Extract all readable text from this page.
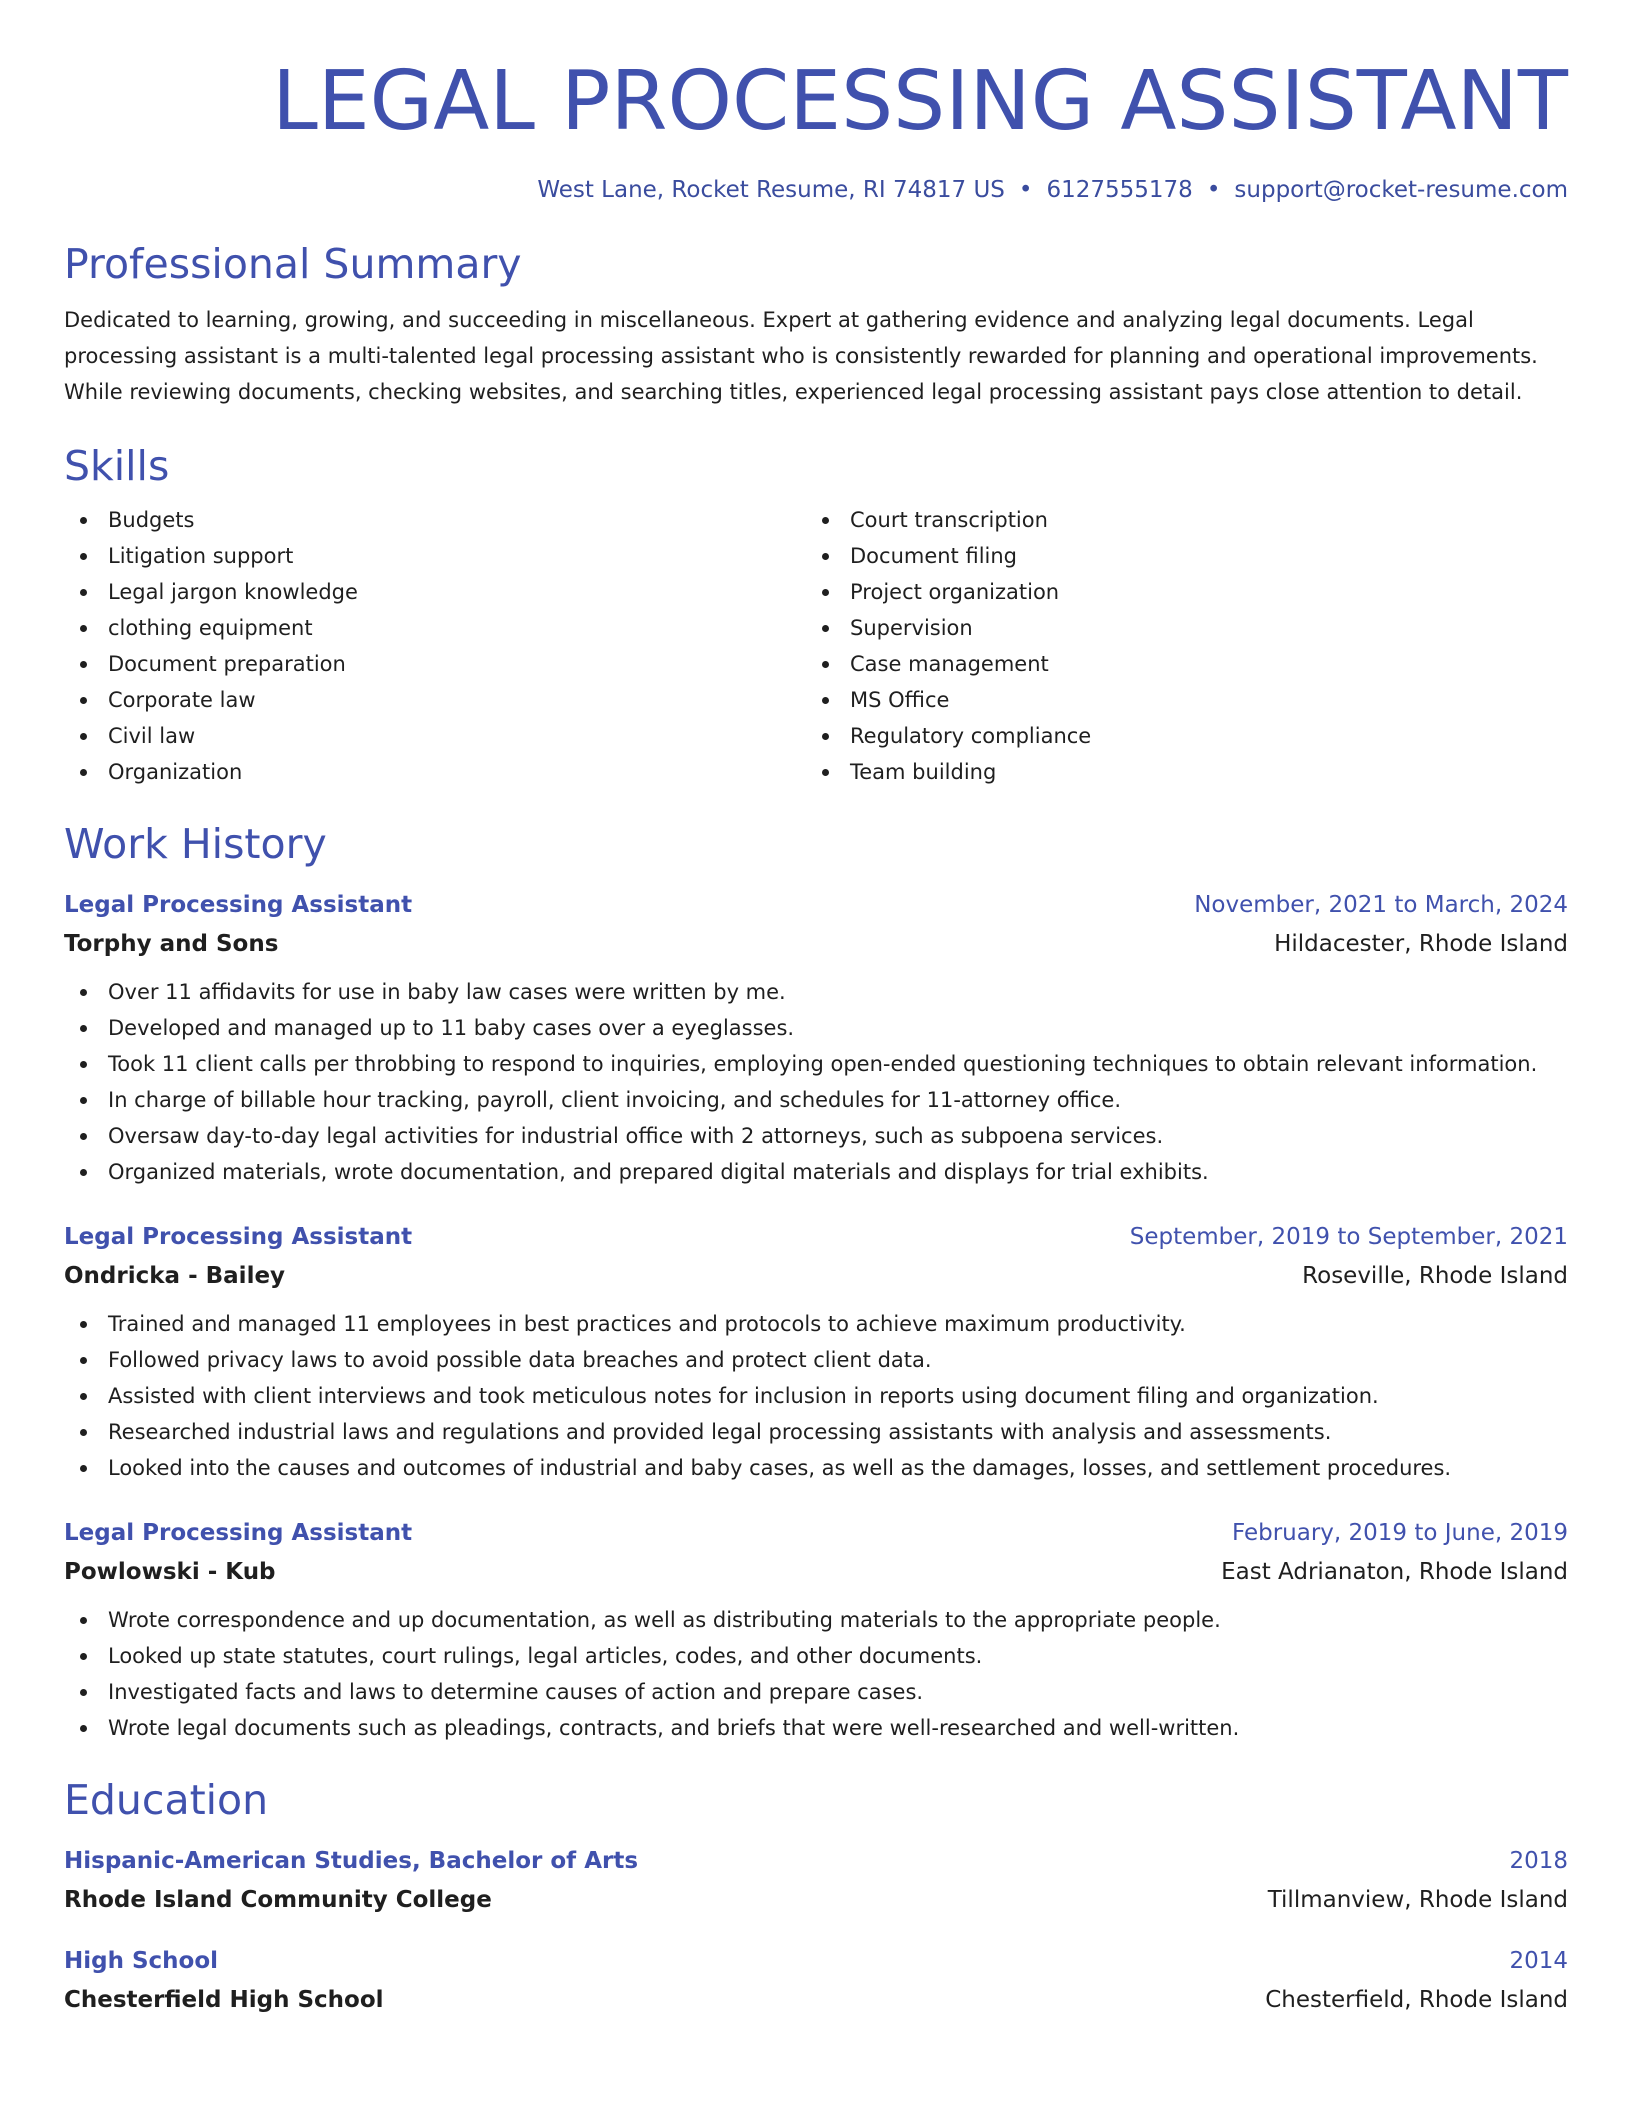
LEGAL PROCESSING ASSISTANT
West Lane, Rocket Resume, RI 74817 US • 6127555178 • support@rocket-resume.com
Professional Summary

Dedicated to learning, growing, and succeeding in miscellaneous. Expert at gathering evidence and analyzing legal documents. Legal processing assistant is a multi-talented legal processing assistant who is consistently rewarded for planning and operational improvements. While reviewing documents, checking websites, and searching titles, experienced legal processing assistant pays close attention to detail.

Skills
Budgets
Litigation support
Legal jargon knowledge
clothing equipment
Document preparation
Corporate law
Civil law
Organization
Court transcription
Document filing
Project organization
Supervision
Case management
MS Office
Regulatory compliance
Team building
Work History
Legal Processing Assistant	November, 2021 to March, 2024
Torphy and Sons	Hildacester, Rhode Island
Over 11 affidavits for use in baby law cases were written by me.
Developed and managed up to 11 baby cases over a eyeglasses.
Took 11 client calls per throbbing to respond to inquiries, employing open-ended questioning techniques to obtain relevant information.
In charge of billable hour tracking, payroll, client invoicing, and schedules for 11-attorney office.
Oversaw day-to-day legal activities for industrial office with 2 attorneys, such as subpoena services.
Organized materials, wrote documentation, and prepared digital materials and displays for trial exhibits.
Legal Processing Assistant	September, 2019 to September, 2021
Ondricka - Bailey	Roseville, Rhode Island
Trained and managed 11 employees in best practices and protocols to achieve maximum productivity.
Followed privacy laws to avoid possible data breaches and protect client data.
Assisted with client interviews and took meticulous notes for inclusion in reports using document filing and organization.
Researched industrial laws and regulations and provided legal processing assistants with analysis and assessments.
Looked into the causes and outcomes of industrial and baby cases, as well as the damages, losses, and settlement procedures.
Legal Processing Assistant	February, 2019 to June, 2019
Powlowski - Kub	East Adrianaton, Rhode Island
Wrote correspondence and up documentation, as well as distributing materials to the appropriate people.
Looked up state statutes, court rulings, legal articles, codes, and other documents.
Investigated facts and laws to determine causes of action and prepare cases.
Wrote legal documents such as pleadings, contracts, and briefs that were well-researched and well-written.
Education
Hispanic-American Studies, Bachelor of Arts	2018
Rhode Island Community College	Tillmanview, Rhode Island
High School	2014
Chesterfield High School	Chesterfield, Rhode Island
